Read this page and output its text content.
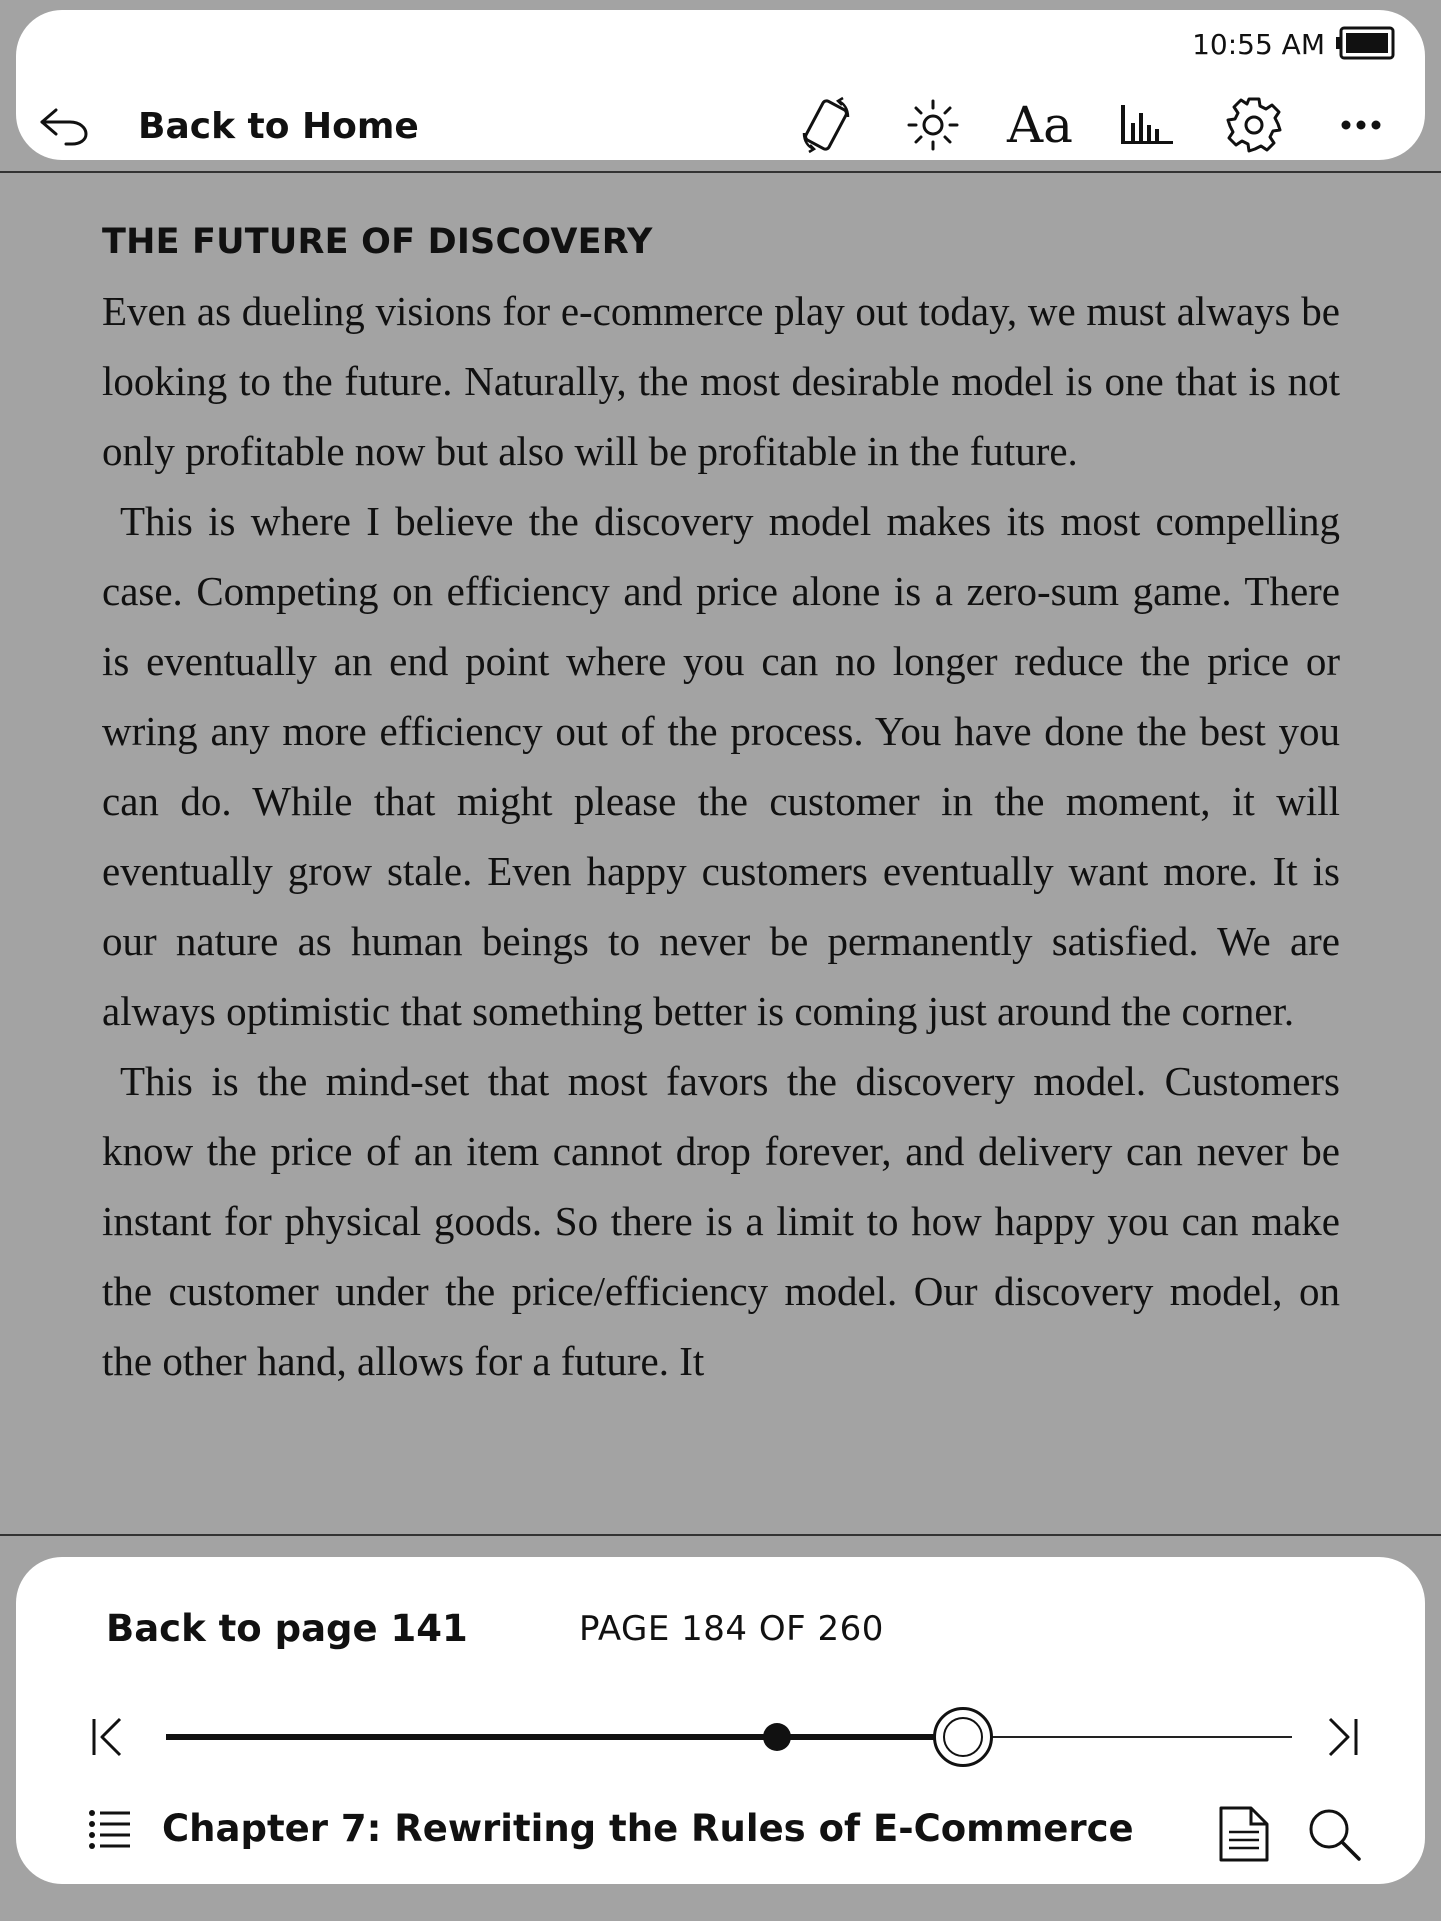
10:55 AM
Back to Home	Aa
THE FUTURE OF DISCOVERY

Even as dueling visions for e-commerce play out today, we must always be looking to the future. Naturally, the most desirable model is one that is not only profitable now but also will be profitable in the future.

This is where I believe the discovery model makes its most compelling case. Competing on efficiency and price alone is a zero-sum game. There is eventually an end point where you can no longer reduce the price or wring any more efficiency out of the process. You have done the best you can do. While that might please the customer in the moment, it will eventually grow stale. Even happy customers eventually want more. It is our nature as human beings to never be permanently satisfied. We are always optimistic that something better is coming just around the corner.

This is the mind-set that most favors the discovery model. Customers know the price of an item cannot drop forever, and delivery can never be instant for physical goods. So there is a limit to how happy you can make the customer under the price/efficiency model. Our discovery model, on the other hand, allows for a future. It

Back to page 141	PAGE 184 OF 260
Chapter 7: Rewriting the Rules of E-Commerce
